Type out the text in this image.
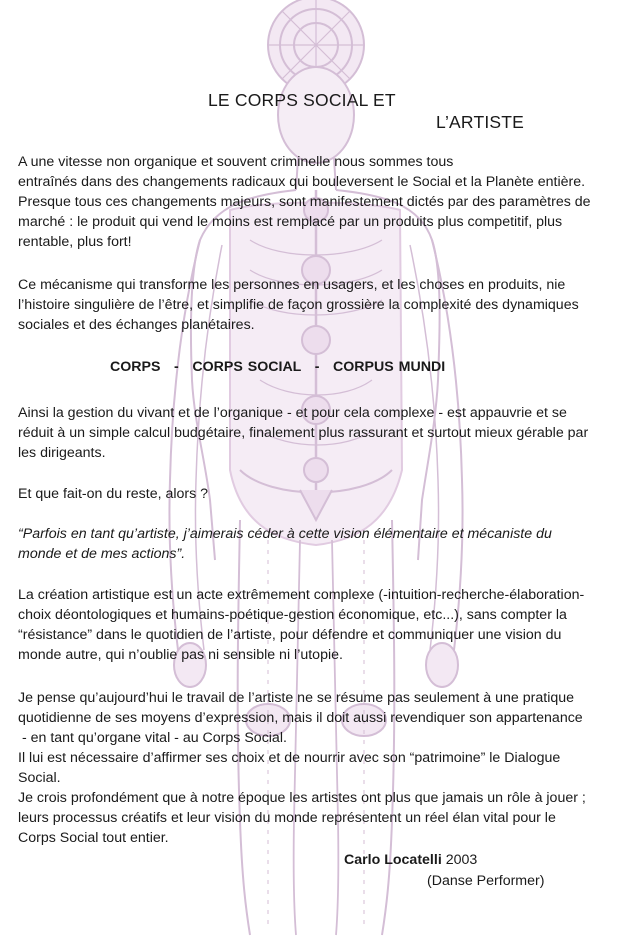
LE CORPS SOCIAL ET
L’ARTISTE

A une vitesse non organique et souvent criminelle nous sommes tous
entraînés dans des changements radicaux qui bouleversent le Social et la Planète entière.
Presque tous ces changements majeurs, sont manifestement dictés par des paramètres de
marché : le produit qui vend le moins est remplacé par un produits plus competitif, plus
rentable, plus fort!

Ce mécanisme qui transforme les personnes en usagers, et les choses en produits, nie
l’histoire singulière de l’être, et simplifie de façon grossière la complexité des dynamiques
sociales et des échanges planétaires.

CORPS - CORPS SOCIAL - CORPUS MUNDI

Ainsi la gestion du vivant et de l’organique - et pour cela complexe - est appauvrie et se
réduit à un simple calcul budgétaire, finalement plus rassurant et surtout mieux gérable par
les dirigeants.

Et que fait-on du reste, alors ?

“Parfois en tant qu’artiste, j’aimerais céder à cette vision élémentaire et mécaniste du
monde et de mes actions”.

La création artistique est un acte extrêmement complexe (-intuition-recherche-élaboration-
choix déontologiques et humains-poétique-gestion économique, etc...), sans compter la
“résistance” dans le quotidien de l’artiste, pour défendre et communiquer une vision du
monde autre, qui n’oublie pas ni sensible ni l’utopie.

Je pense qu’aujourd’hui le travail de l’artiste ne se résume pas seulement à une pratique
quotidienne de ses moyens d’expression, mais il doit aussi revendiquer son appartenance
- en tant qu’organe vital - au Corps Social.
Il lui est nécessaire d’affirmer ses choix et de nourrir avec son “patrimoine” le Dialogue
Social.
Je crois profondément que à notre époque les artistes ont plus que jamais un rôle à jouer ;
leurs processus créatifs et leur vision du monde représentent un réel élan vital pour le
Corps Social tout entier.

Carlo Locatelli 2003

(Danse Performer)
